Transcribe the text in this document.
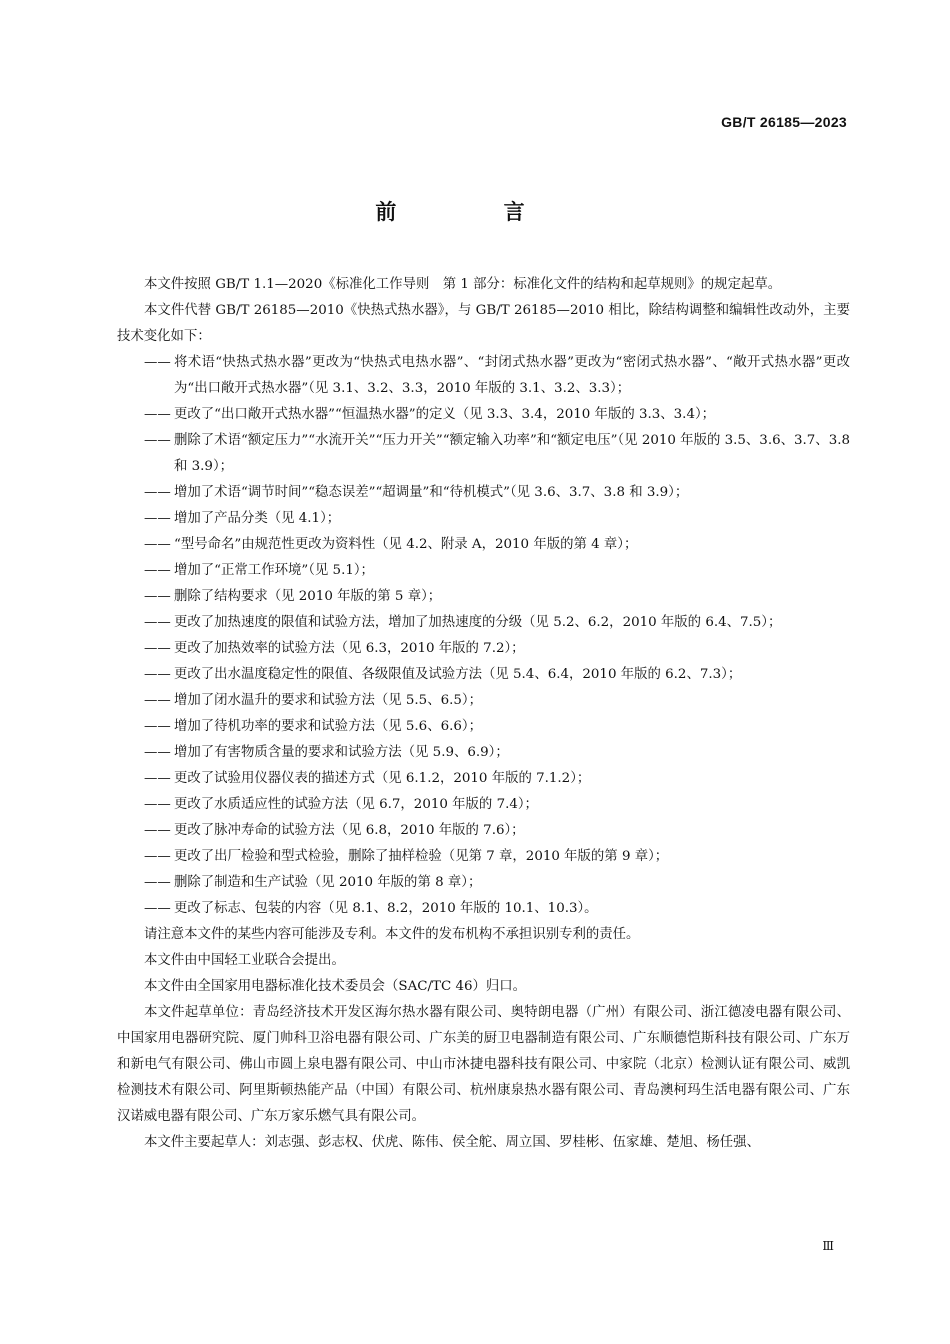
GB/T 26185—2023
前 言

本文件按照 GB/T 1.1—2020《标准化工作导则　第 1 部分：标准化文件的结构和起草规则》的规定起草。

本文件代替 GB/T 26185—2010《快热式热水器》，与 GB/T 26185—2010 相比，除结构调整和编辑性改动外，主要技术变化如下：

—— 将术语“快热式热水器”更改为“快热式电热水器”、“封闭式热水器”更改为“密闭式热水器”、“敞开式热水器”更改为“出口敞开式热水器”（见 3.1、3.2、3.3，2010 年版的 3.1、3.2、3.3）；
—— 更改了“出口敞开式热水器”“恒温热水器”的定义（见 3.3、3.4，2010 年版的 3.3、3.4）；
—— 删除了术语“额定压力”“水流开关”“压力开关”“额定输入功率”和“额定电压”（见 2010 年版的 3.5、3.6、3.7、3.8 和 3.9）；
—— 增加了术语“调节时间”“稳态误差”“超调量”和“待机模式”（见 3.6、3.7、3.8 和 3.9）；
—— 增加了产品分类（见 4.1）；
—— “型号命名”由规范性更改为资料性（见 4.2、附录 A，2010 年版的第 4 章）；
—— 增加了“正常工作环境”（见 5.1）；
—— 删除了结构要求（见 2010 年版的第 5 章）；
—— 更改了加热速度的限值和试验方法，增加了加热速度的分级（见 5.2、6.2，2010 年版的 6.4、7.5）；
—— 更改了加热效率的试验方法（见 6.3，2010 年版的 7.2）；
—— 更改了出水温度稳定性的限值、各级限值及试验方法（见 5.4、6.4，2010 年版的 6.2、7.3）；
—— 增加了闭水温升的要求和试验方法（见 5.5、6.5）；
—— 增加了待机功率的要求和试验方法（见 5.6、6.6）；
—— 增加了有害物质含量的要求和试验方法（见 5.9、6.9）；
—— 更改了试验用仪器仪表的描述方式（见 6.1.2，2010 年版的 7.1.2）；
—— 更改了水质适应性的试验方法（见 6.7，2010 年版的 7.4）；
—— 更改了脉冲寿命的试验方法（见 6.8，2010 年版的 7.6）；
—— 更改了出厂检验和型式检验，删除了抽样检验（见第 7 章，2010 年版的第 9 章）；
—— 删除了制造和生产试验（见 2010 年版的第 8 章）；
—— 更改了标志、包装的内容（见 8.1、8.2，2010 年版的 10.1、10.3）。

请注意本文件的某些内容可能涉及专利。本文件的发布机构不承担识别专利的责任。

本文件由中国轻工业联合会提出。

本文件由全国家用电器标准化技术委员会（SAC/TC 46）归口。

本文件起草单位：青岛经济技术开发区海尔热水器有限公司、奥特朗电器（广州）有限公司、浙江德凌电器有限公司、中国家用电器研究院、厦门帅科卫浴电器有限公司、广东美的厨卫电器制造有限公司、广东顺德恺斯科技有限公司、广东万和新电气有限公司、佛山市圆上泉电器有限公司、中山市沐捷电器科技有限公司、中家院（北京）检测认证有限公司、威凯检测技术有限公司、阿里斯顿热能产品（中国）有限公司、杭州康泉热水器有限公司、青岛澳柯玛生活电器有限公司、广东汉诺威电器有限公司、广东万家乐燃气具有限公司。

本文件主要起草人：刘志强、彭志权、伏虎、陈伟、侯全舵、周立国、罗桂彬、伍家雄、楚旭、杨任强、

Ⅲ
